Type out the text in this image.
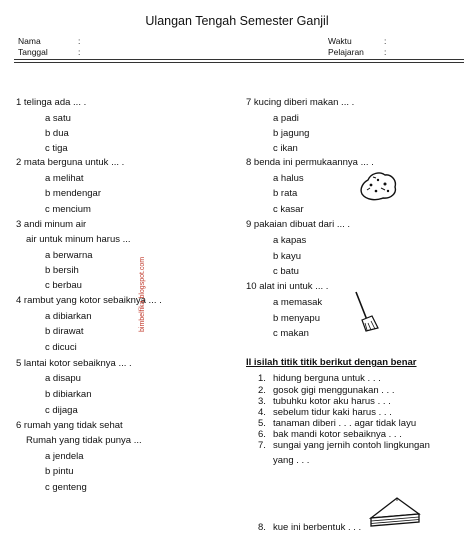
Ulangan Tengah Semester Ganjil
Nama	:
Tanggal	:
Waktu	:
Pelajaran :
1 telinga ada ... .
a satu
b dua
c tiga
2 mata berguna untuk ... .
a melihat
b mendengar
c mencium
3 andi minum air
air untuk minum harus ...
a berwarna
b bersih
c berbau
4 rambut yang kotor sebaiknya ... .
a dibiarkan
b dirawat
c dicuci
5 lantai kotor sebaiknya ... .
a disapu
b dibiarkan
c dijaga
6 rumah yang tidak sehat
Rumah yang tidak punya ...
a jendela
b pintu
c genteng
bimbelfika.blogspot.com
7 kucing diberi makan ... .
a padi
b jagung
c ikan
8 benda ini permukaannya ... .
a halus
b rata
c kasar
9 pakaian dibuat dari ... .
a kapas
b kayu
c batu
10 alat ini untuk ... .
a memasak
b menyapu
c makan
II isilah titik titik berikut dengan benar
1. hidung berguna untuk . . .
2. gosok gigi menggunakan . . .
3. tubuhku kotor aku harus . . .
4. sebelum tidur kaki harus . . .
5. tanaman diberi . . . agar tidak layu
6. bak mandi kotor sebaiknya . . .
7. sungai yang jernih contoh lingkungan
yang . . .
8. kue ini berbentuk . . .
